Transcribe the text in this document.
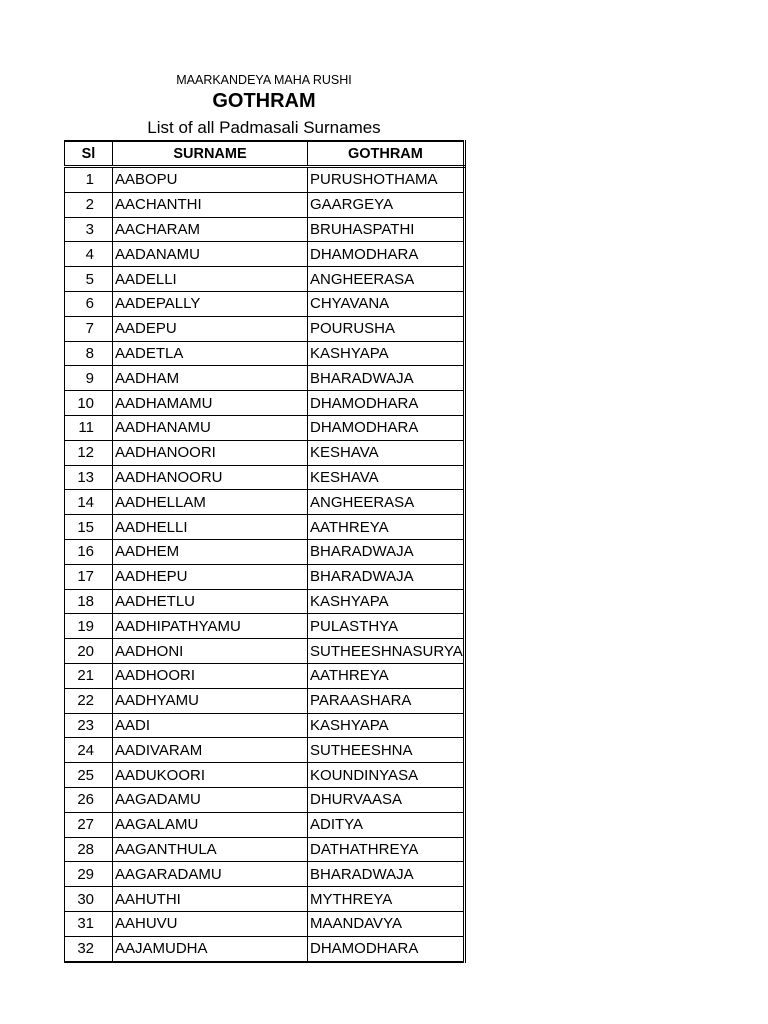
MAARKANDEYA MAHA RUSHI
GOTHRAM
List of all Padmasali Surnames
Sl	SURNAME	GOTHRAM
1	AABOPU	PURUSHOTHAMA
2	AACHANTHI	GAARGEYA
3	AACHARAM	BRUHASPATHI
4	AADANAMU	DHAMODHARA
5	AADELLI	ANGHEERASA
6	AADEPALLY	CHYAVANA
7	AADEPU	POURUSHA
8	AADETLA	KASHYAPA
9	AADHAM	BHARADWAJA
10	AADHAMAMU	DHAMODHARA
11	AADHANAMU	DHAMODHARA
12	AADHANOORI	KESHAVA
13	AADHANOORU	KESHAVA
14	AADHELLAM	ANGHEERASA
15	AADHELLI	AATHREYA
16	AADHEM	BHARADWAJA
17	AADHEPU	BHARADWAJA
18	AADHETLU	KASHYAPA
19	AADHIPATHYAMU	PULASTHYA
20	AADHONI	SUTHEESHNASURYA
21	AADHOORI	AATHREYA
22	AADHYAMU	PARAASHARA
23	AADI	KASHYAPA
24	AADIVARAM	SUTHEESHNA
25	AADUKOORI	KOUNDINYASA
26	AAGADAMU	DHURVAASA
27	AAGALAMU	ADITYA
28	AAGANTHULA	DATHATHREYA
29	AAGARADAMU	BHARADWAJA
30	AAHUTHI	MYTHREYA
31	AAHUVU	MAANDAVYA
32	AAJAMUDHA	DHAMODHARA
